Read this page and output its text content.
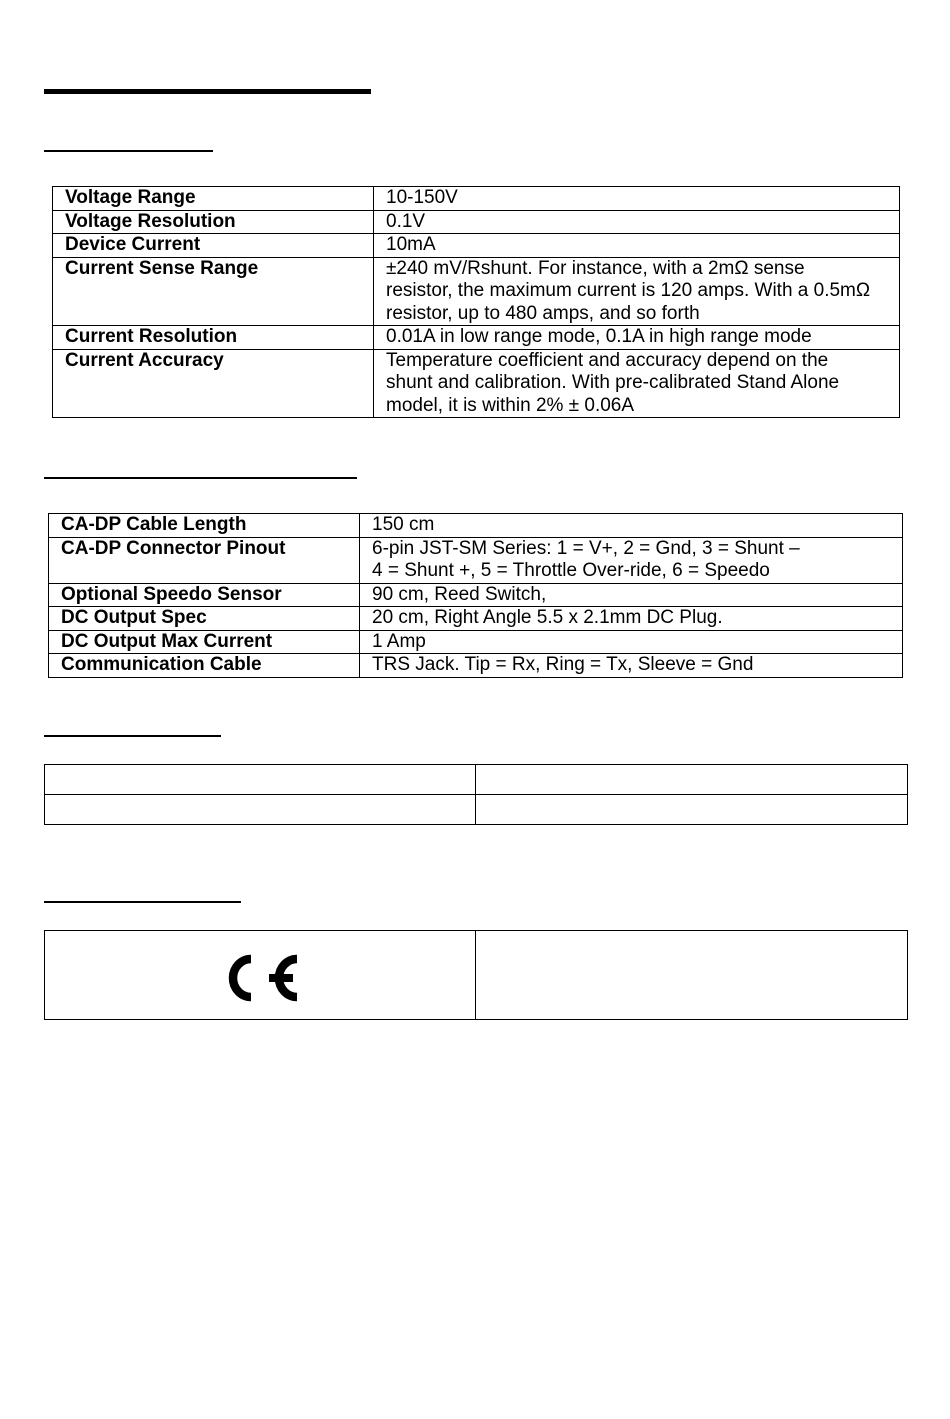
Voltage Range	10-150V
Voltage Resolution	0.1V
Device Current	10mA
Current Sense Range	±240 mV/Rshunt. For instance, with a 2mΩ sense
resistor, the maximum current is 120 amps. With a 0.5mΩ
resistor, up to 480 amps, and so forth

Current Resolution	0.01A in low range mode, 0.1A in high range mode
Current Accuracy	Temperature coefficient and accuracy depend on the
shunt and calibration. With pre-calibrated Stand Alone
model, it is within 2% ± 0.06A
CA-DP Cable Length	150 cm
CA-DP Connector Pinout	6-pin JST-SM Series: 1 = V+, 2 = Gnd, 3 = Shunt –
4 = Shunt +, 5 = Throttle Over-ride, 6 = Speedo

Optional Speedo Sensor	90 cm, Reed Switch,
DC Output Spec	20 cm, Right Angle 5.5 x 2.1mm DC Plug.
DC Output Max Current	1 Amp
Communication Cable	TRS Jack. Tip = Rx, Ring = Tx, Sleeve = Gnd
